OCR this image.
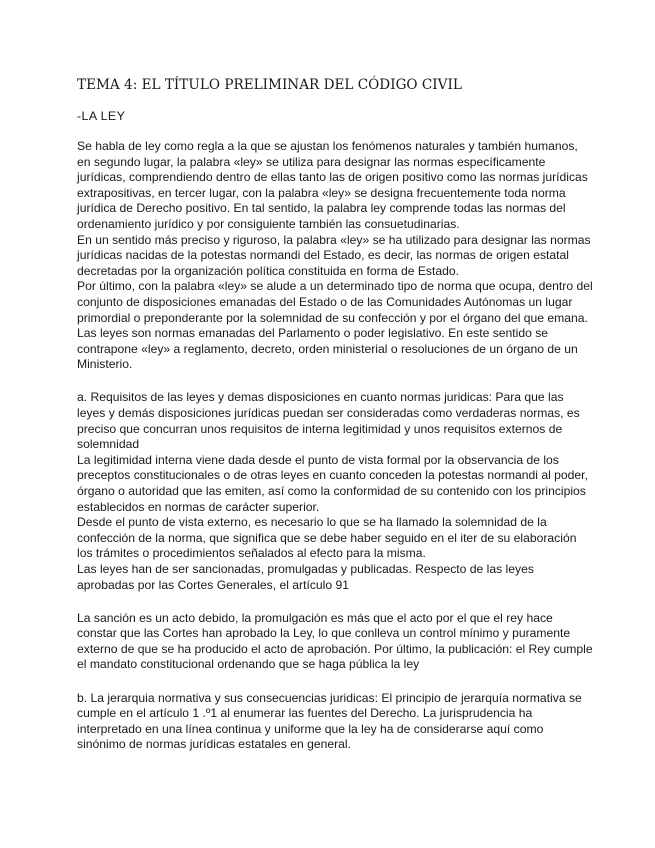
TEMA 4: EL TÍTULO PRELIMINAR DEL CÓDIGO CIVIL
-LA LEY
Se habla de ley como regla a la que se ajustan los fenómenos naturales y también humanos,
en segundo lugar, la palabra «ley» se utiliza para designar las normas específicamente
jurídicas, comprendiendo dentro de ellas tanto las de origen positivo como las normas jurídicas
extrapositivas, en tercer lugar, con la palabra «ley» se designa frecuentemente toda norma
jurídica de Derecho positivo. En tal sentido, la palabra ley comprende todas las normas del
ordenamiento jurídico y por consiguiente también las consuetudinarias.
En un sentido más preciso y riguroso, la palabra «ley» se ha utilizado para designar las normas
jurídicas nacidas de la potestas normandi del Estado, es decir, las normas de origen estatal
decretadas por la organización política constituida en forma de Estado.
Por último, con la palabra «ley» se alude a un determinado tipo de norma que ocupa, dentro del
conjunto de disposiciones emanadas del Estado o de las Comunidades Autónomas un lugar
primordial o preponderante por la solemnidad de su confección y por el órgano del que emana.
Las leyes son normas emanadas del Parlamento o poder legislativo. En este sentido se
contrapone «ley» a reglamento, decreto, orden ministerial o resoluciones de un órgano de un
Ministerio.
a. Requisitos de las leyes y demas disposiciones en cuanto normas juridicas: Para que las
leyes y demás disposiciones jurídicas puedan ser consideradas como verdaderas normas, es
preciso que concurran unos requisitos de interna legitimidad y unos requisitos externos de
solemnidad
La legitimidad interna viene dada desde el punto de vista formal por la observancia de los
preceptos constitucionales o de otras leyes en cuanto conceden la potestas normandi al poder,
órgano o autoridad que las emiten, así como la conformidad de su contenido con los principios
establecidos en normas de carácter superior.
Desde el punto de vista externo, es necesario lo que se ha llamado la solemnidad de la
confección de la norma, que significa que se debe haber seguido en el iter de su elaboración
los trámites o procedimientos señalados al efecto para la misma.
Las leyes han de ser sancionadas, promulgadas y publicadas. Respecto de las leyes
aprobadas por las Cortes Generales, el artículo 91
La sanción es un acto debido, la promulgación es más que el acto por el que el rey hace
constar que las Cortes han aprobado la Ley, lo que conlleva un control mínimo y puramente
externo de que se ha producido el acto de aprobación. Por último, la publicación: el Rey cumple
el mandato constitucional ordenando que se haga pública la ley
b. La jerarquia normativa y sus consecuencias juridicas: El principio de jerarquía normativa se
cumple en el artículo 1 .º1 al enumerar las fuentes del Derecho. La jurisprudencia ha
interpretado en una línea continua y uniforme que la ley ha de considerarse aquí como
sinónimo de normas jurídicas estatales en general.
